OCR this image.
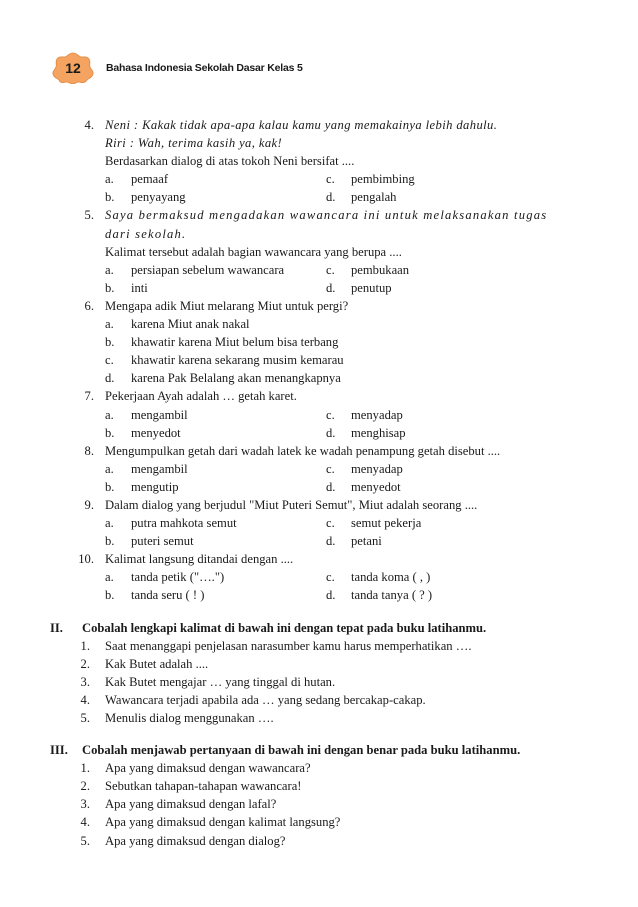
12	Bahasa Indonesia Sekolah Dasar Kelas 5
4. Neni : Kakak tidak apa-apa kalau kamu yang memakainya lebih dahulu.
Riri : Wah, terima kasih ya, kak!
Berdasarkan dialog di atas tokoh Neni bersifat ....
a. pemaaf	c. pembimbing
b. penyayang	d. pengalah
5. Saya bermaksud mengadakan wawancara ini untuk melaksanakan tugas
dari sekolah.
Kalimat tersebut adalah bagian wawancara yang berupa ....
a. persiapan sebelum wawancara	c. pembukaan
b. inti	d. penutup
6. Mengapa adik Miut melarang Miut untuk pergi?
a. karena Miut anak nakal
b. khawatir karena Miut belum bisa terbang
c. khawatir karena sekarang musim kemarau
d. karena Pak Belalang akan menangkapnya
7. Pekerjaan Ayah adalah … getah karet.
a. mengambil	c. menyadap
b. menyedot	d. menghisap
8. Mengumpulkan getah dari wadah latek ke wadah penampung getah disebut ....
a. mengambil	c. menyadap
b. mengutip	d. menyedot
9. Dalam dialog yang berjudul "Miut Puteri Semut", Miut adalah seorang ....
a. putra mahkota semut	c. semut pekerja
b. puteri semut	d. petani
10. Kalimat langsung ditandai dengan ....
a. tanda petik ("….")	c. tanda koma ( , )
b. tanda seru ( ! )	d. tanda tanya ( ? )
II. Cobalah lengkapi kalimat di bawah ini dengan tepat pada buku latihanmu.
1. Saat menanggapi penjelasan narasumber kamu harus memperhatikan ….
2. Kak Butet adalah ....
3. Kak Butet mengajar … yang tinggal di hutan.
4. Wawancara terjadi apabila ada … yang sedang bercakap-cakap.
5. Menulis dialog menggunakan ….
III. Cobalah menjawab pertanyaan di bawah ini dengan benar pada buku latihanmu.
1. Apa yang dimaksud dengan wawancara?
2. Sebutkan tahapan-tahapan wawancara!
3. Apa yang dimaksud dengan lafal?
4. Apa yang dimaksud dengan kalimat langsung?
5. Apa yang dimaksud dengan dialog?
